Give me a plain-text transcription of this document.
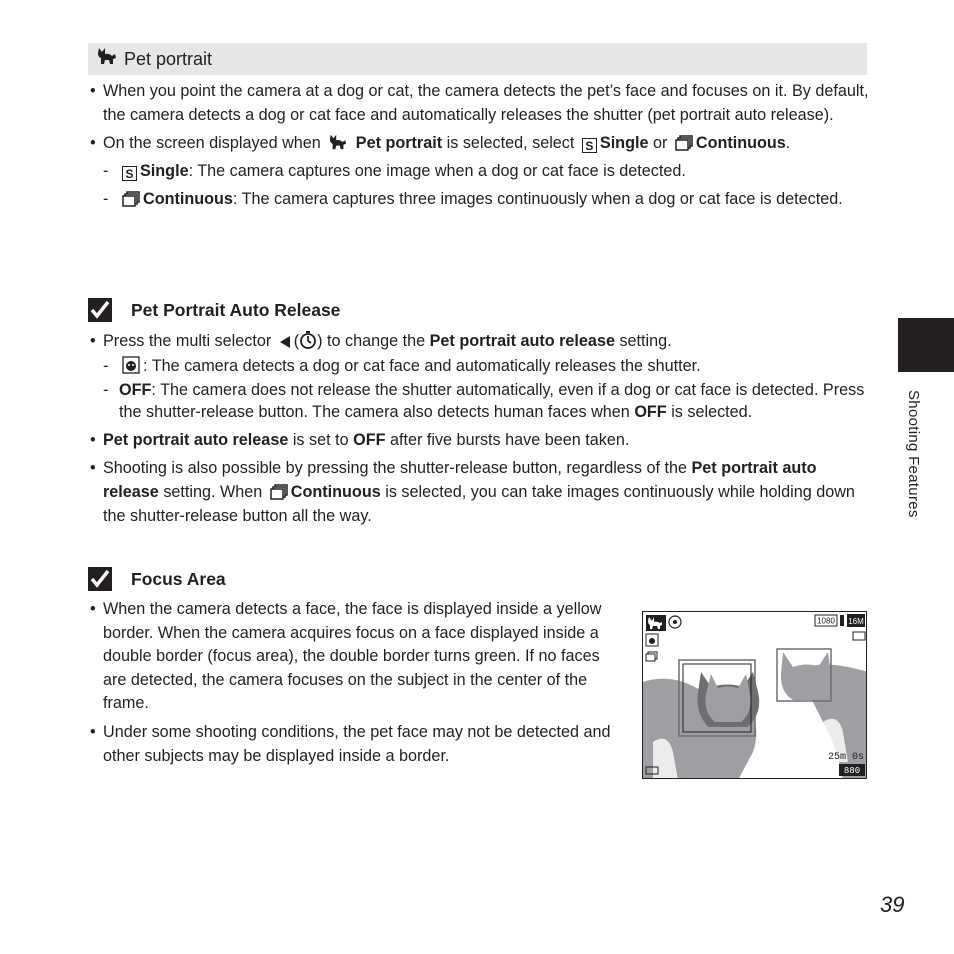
Pet portrait
• When you point the camera at a dog or cat, the camera detects the pet’s face and focuses on it. By default, the camera detects a dog or cat face and automatically releases the shutter (pet portrait auto release).
• On the screen displayed when Pet portrait is selected, select S Single or Continuous.
- S Single: The camera captures one image when a dog or cat face is detected.
- Continuous: The camera captures three images continuously when a dog or cat face is detected.
Pet Portrait Auto Release
• Press the multi selector ( ) to change the Pet portrait auto release setting.
- : The camera detects a dog or cat face and automatically releases the shutter.
- OFF: The camera does not release the shutter automatically, even if a dog or cat face is detected. Press the shutter-release button. The camera also detects human faces when OFF is selected.
• Pet portrait auto release is set to OFF after five bursts have been taken.
• Shooting is also possible by pressing the shutter-release button, regardless of the Pet portrait auto release setting. When Continuous is selected, you can take images continuously while holding down the shutter-release button all the way.
Focus Area
• When the camera detects a face, the face is displayed inside a yellow border. When the camera acquires focus on a face displayed inside a double border (focus area), the double border turns green. If no faces are detected, the camera focuses on the subject in the center of the frame.
• Under some shooting conditions, the pet face may not be detected and other subjects may be displayed inside a border.
1080 16M
25m 0s
880
Shooting Features
39
